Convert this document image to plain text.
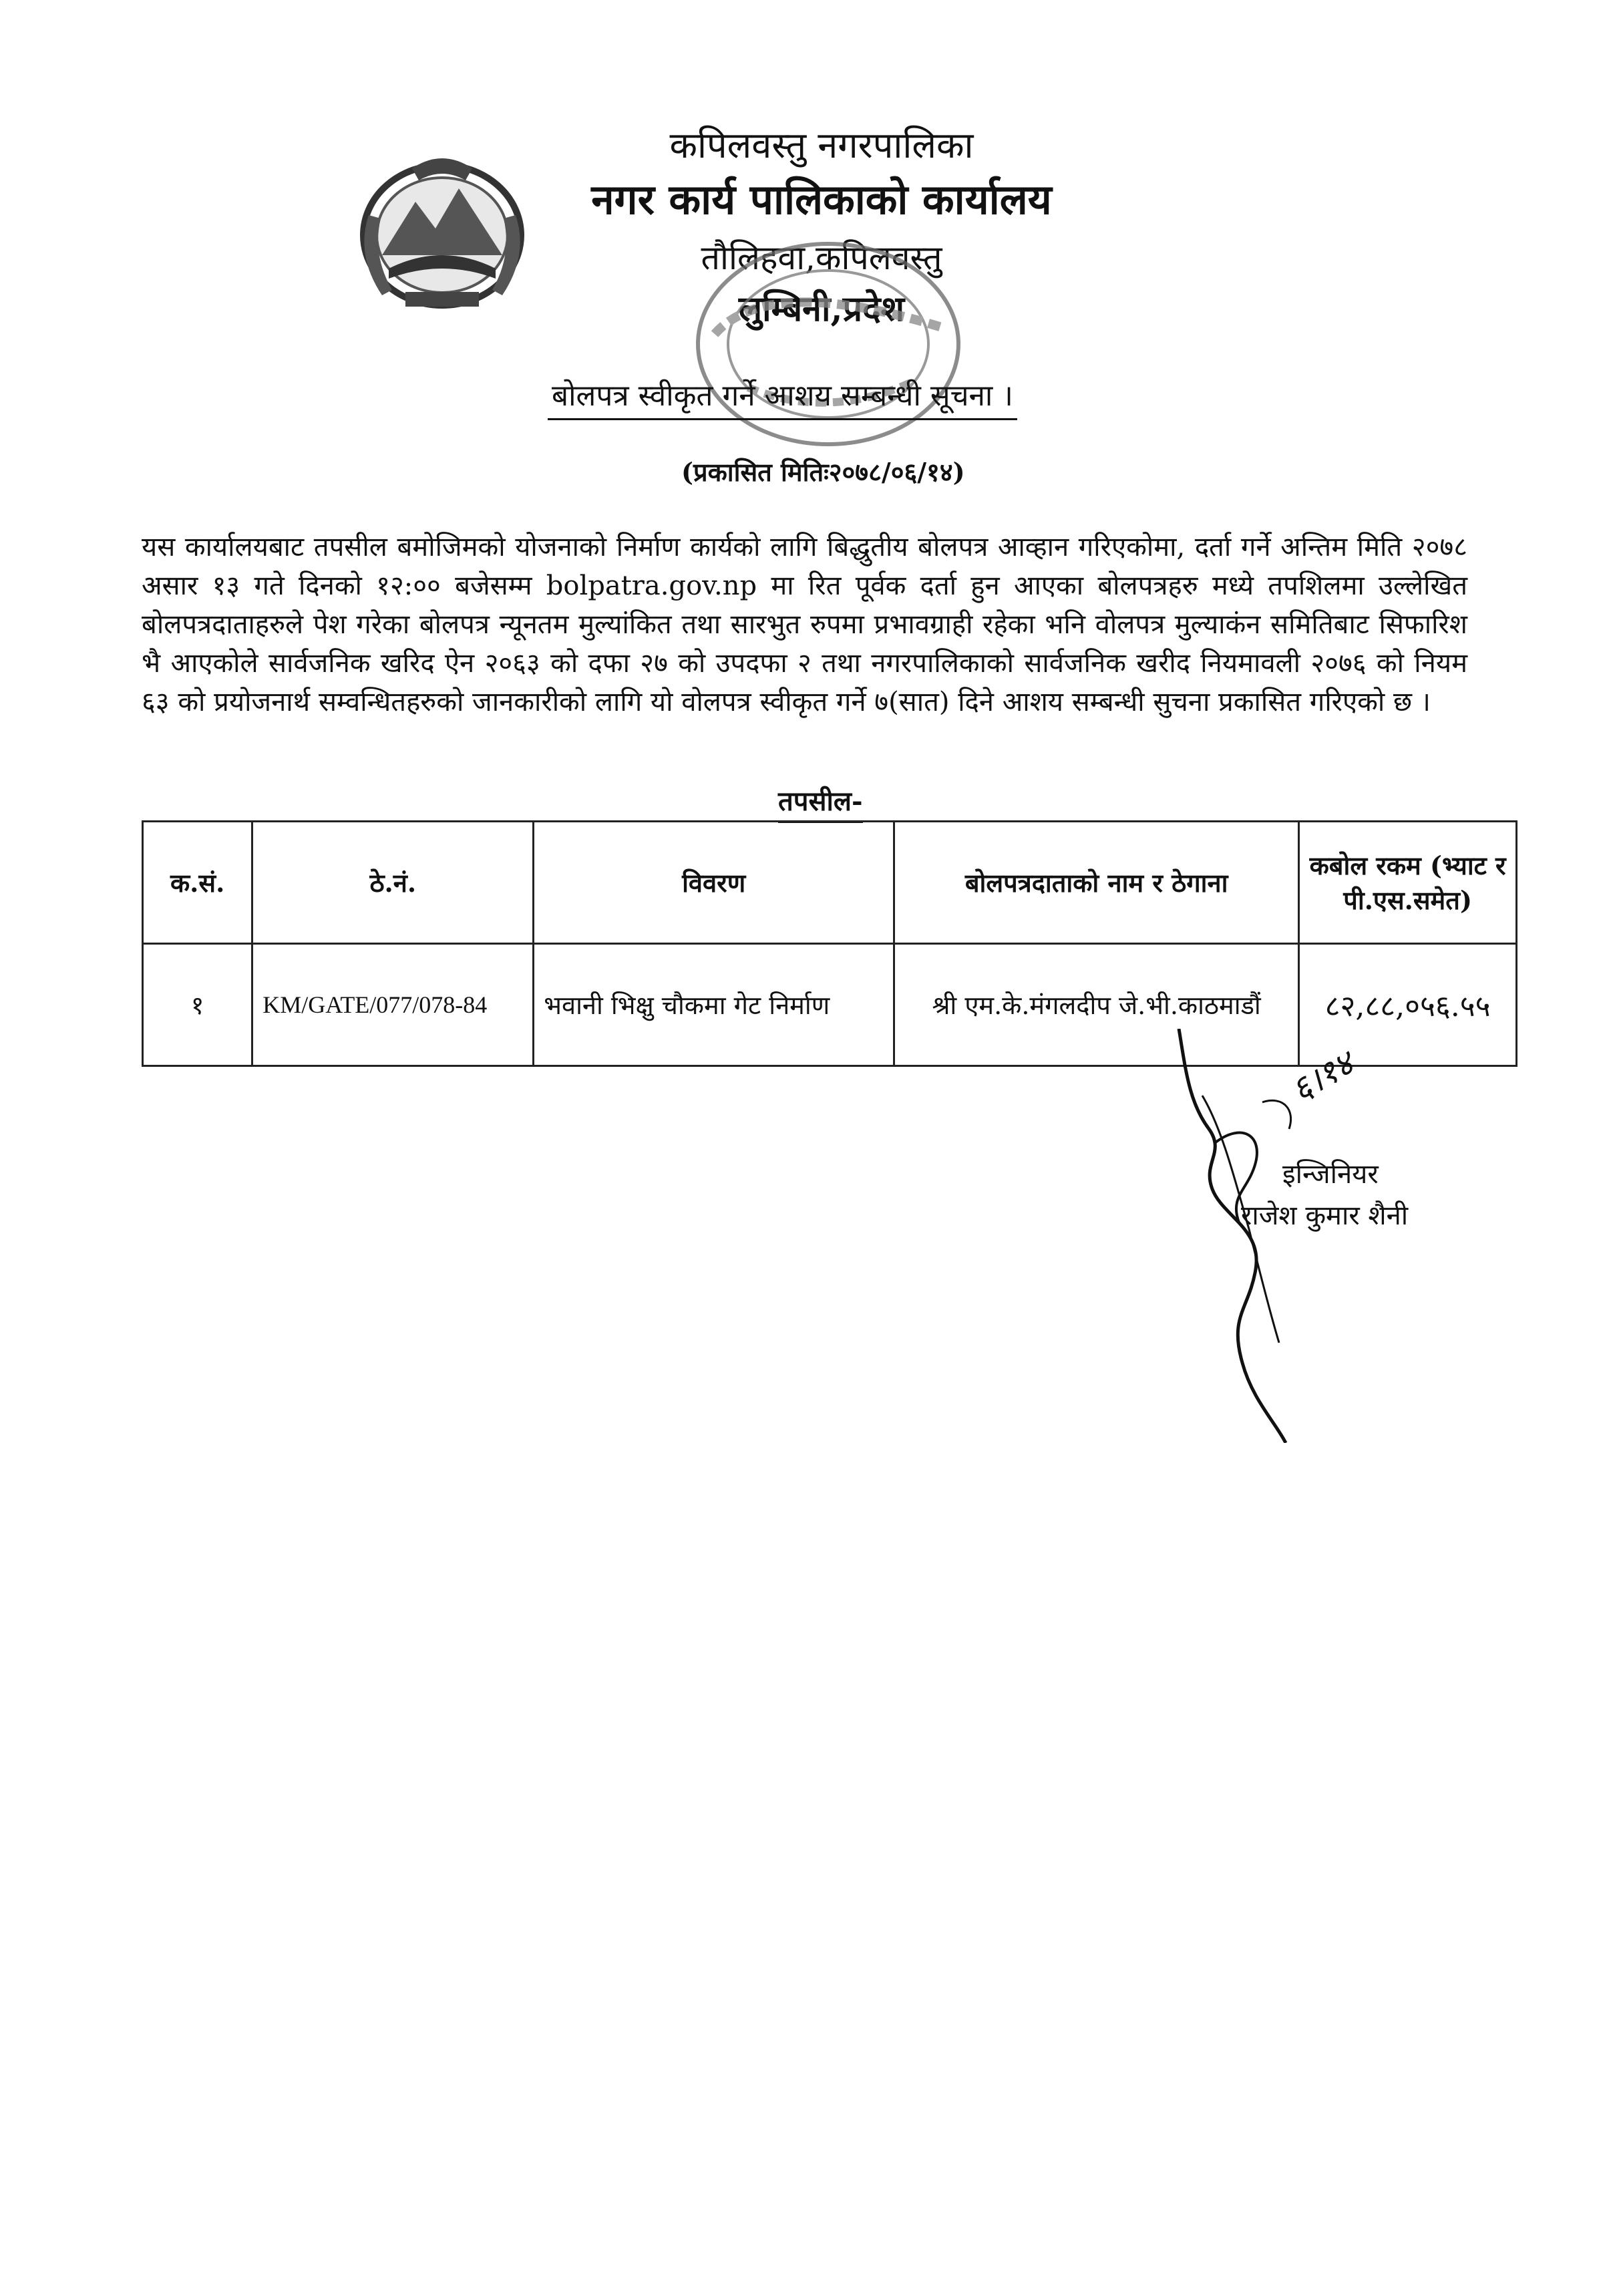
कपिलवस्तु नगरपालिका
नगर कार्य पालिकाको कार्यालय
तौलिहवा,कपिलवस्तु
लुम्बिनी,प्रदेश
बोलपत्र स्वीकृत गर्ने आशय सम्बन्धी सूचना ।
(प्रकासित मितिः२०७८/०६/१४)
यस कार्यालयबाट तपसील बमोजिमको योजनाको निर्माण कार्यको लागि बिद्धुतीय बोलपत्र आव्हान गरिएकोमा, दर्ता गर्ने अन्तिम मिति २०७८ असार १३ गते दिनको १२:०० बजेसम्म bolpatra.gov.np मा रित पूर्वक दर्ता हुन आएका बोलपत्रहरु मध्ये तपशिलमा उल्लेखित बोलपत्रदाताहरुले पेश गरेका बोलपत्र न्यूनतम मुल्यांकित तथा सारभुत रुपमा प्रभावग्राही रहेका भनि वोलपत्र मुल्याकंन समितिबाट सिफारिश भै आएकोले सार्वजनिक खरिद ऐन २०६३ को दफा २७ को उपदफा २ तथा नगरपालिकाको सार्वजनिक खरीद नियमावली २०७६ को नियम ६३ को प्रयोजनार्थ सम्वन्धितहरुको जानकारीको लागि यो वोलपत्र स्वीकृत गर्ने ७(सात) दिने आशय सम्बन्धी सुचना प्रकासित गरिएको छ ।
तपसील-
क.सं.	ठे.नं.	विवरण	बोलपत्रदाताको नाम र ठेगाना	कबोल रकम (भ्याट र पी.एस.समेत)
१	KM/GATE/077/078-84	भवानी भिक्षु चौकमा गेट निर्माण	श्री एम.के.मंगलदीप जे.भी.काठमाडौं	८२,८८,०५६.५५
६।१४
इन्जिनियर
राजेश कुमार शैनी
